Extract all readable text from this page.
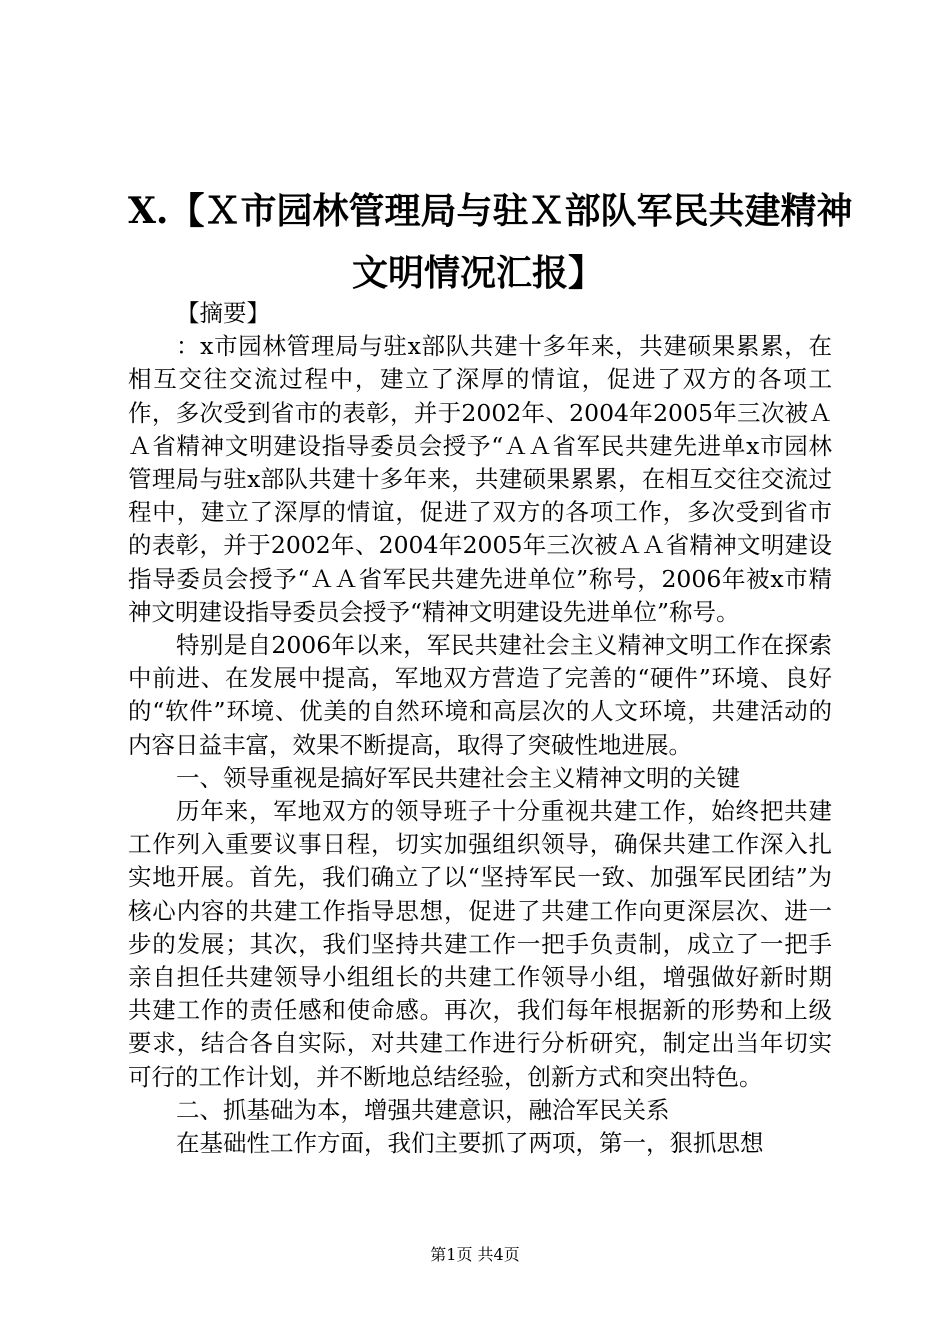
X.【Ｘ市园林管理局与驻Ｘ部队军民共建精神
文明情况汇报】

【摘要】

：x市园林管理局与驻x部队共建十多年来，共建硕果累累，在相互交往交流过程中，建立了深厚的情谊，促进了双方的各项工作，多次受到省市的表彰，并于2002年、2004年2005年三次被ＡＡ省精神文明建设指导委员会授予“ＡＡ省军民共建先进单x市园林管理局与驻x部队共建十多年来，共建硕果累累，在相互交往交流过程中，建立了深厚的情谊，促进了双方的各项工作，多次受到省市的表彰，并于2002年、2004年2005年三次被ＡＡ省精神文明建设指导委员会授予“ＡＡ省军民共建先进单位”称号，2006年被x市精神文明建设指导委员会授予“精神文明建设先进单位”称号。

特别是自2006年以来，军民共建社会主义精神文明工作在探索中前进、在发展中提高，军地双方营造了完善的“硬件”环境、良好的“软件”环境、优美的自然环境和高层次的人文环境，共建活动的内容日益丰富，效果不断提高，取得了突破性地进展。

一、领导重视是搞好军民共建社会主义精神文明的关键

历年来，军地双方的领导班子十分重视共建工作，始终把共建工作列入重要议事日程，切实加强组织领导，确保共建工作深入扎实地开展。首先，我们确立了以“坚持军民一致、加强军民团结”为核心内容的共建工作指导思想，促进了共建工作向更深层次、进一步的发展；其次，我们坚持共建工作一把手负责制，成立了一把手亲自担任共建领导小组组长的共建工作领导小组，增强做好新时期共建工作的责任感和使命感。再次，我们每年根据新的形势和上级要求，结合各自实际，对共建工作进行分析研究，制定出当年切实可行的工作计划，并不断地总结经验，创新方式和突出特色。

二、抓基础为本，增强共建意识，融洽军民关系

在基础性工作方面，我们主要抓了两项，第一，狠抓思想

第1页 共4页
